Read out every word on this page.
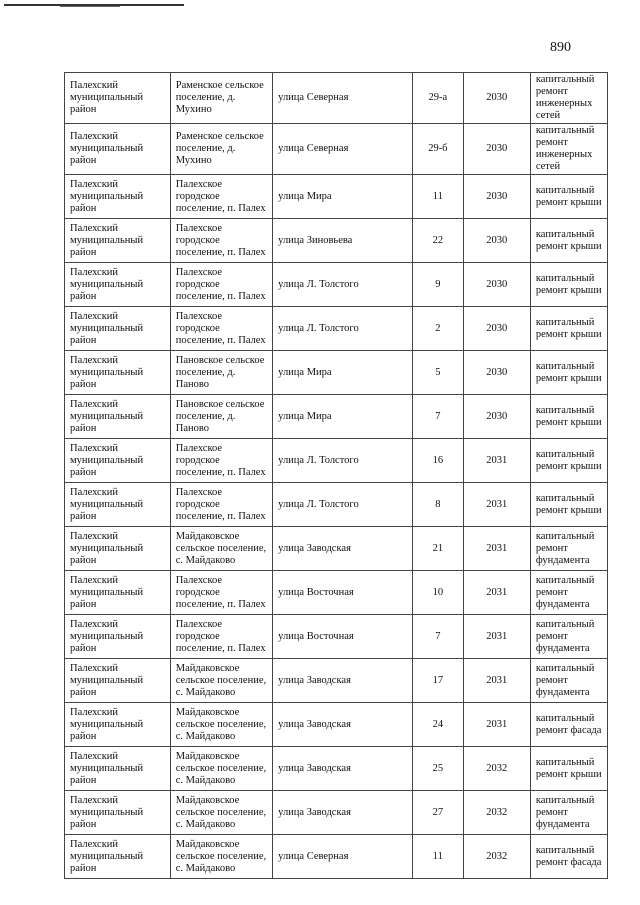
890
Палехский муниципальный район	Раменское сельское поселение, д. Мухино	улица Северная	29-а	2030	капитальный ремонт инженерных сетей
Палехский муниципальный район	Раменское сельское поселение, д. Мухино	улица Северная	29-б	2030	капитальный ремонт инженерных сетей
Палехский муниципальный район	Палехское городское поселение, п. Палех	улица Мира	11	2030	капитальный ремонт крыши
Палехский муниципальный район	Палехское городское поселение, п. Палех	улица Зиновьева	22	2030	капитальный ремонт крыши
Палехский муниципальный район	Палехское городское поселение, п. Палех	улица Л. Толстого	9	2030	капитальный ремонт крыши
Палехский муниципальный район	Палехское городское поселение, п. Палех	улица Л. Толстого	2	2030	капитальный ремонт крыши
Палехский муниципальный район	Пановское сельское поселение, д. Паново	улица Мира	5	2030	капитальный ремонт крыши
Палехский муниципальный район	Пановское сельское поселение, д. Паново	улица Мира	7	2030	капитальный ремонт крыши
Палехский муниципальный район	Палехское городское поселение, п. Палех	улица Л. Толстого	16	2031	капитальный ремонт крыши
Палехский муниципальный район	Палехское городское поселение, п. Палех	улица Л. Толстого	8	2031	капитальный ремонт крыши
Палехский муниципальный район	Майдаковское сельское поселение, с. Майдаково	улица Заводская	21	2031	капитальный ремонт фундамента
Палехский муниципальный район	Палехское городское поселение, п. Палех	улица Восточная	10	2031	капитальный ремонт фундамента
Палехский муниципальный район	Палехское городское поселение, п. Палех	улица Восточная	7	2031	капитальный ремонт фундамента
Палехский муниципальный район	Майдаковское сельское поселение, с. Майдаково	улица Заводская	17	2031	капитальный ремонт фундамента
Палехский муниципальный район	Майдаковское сельское поселение, с. Майдаково	улица Заводская	24	2031	капитальный ремонт фасада
Палехский муниципальный район	Майдаковское сельское поселение, с. Майдаково	улица Заводская	25	2032	капитальный ремонт крыши
Палехский муниципальный район	Майдаковское сельское поселение, с. Майдаково	улица Заводская	27	2032	капитальный ремонт фундамента
Палехский муниципальный район	Майдаковское сельское поселение, с. Майдаково	улица Северная	11	2032	капитальный ремонт фасада
